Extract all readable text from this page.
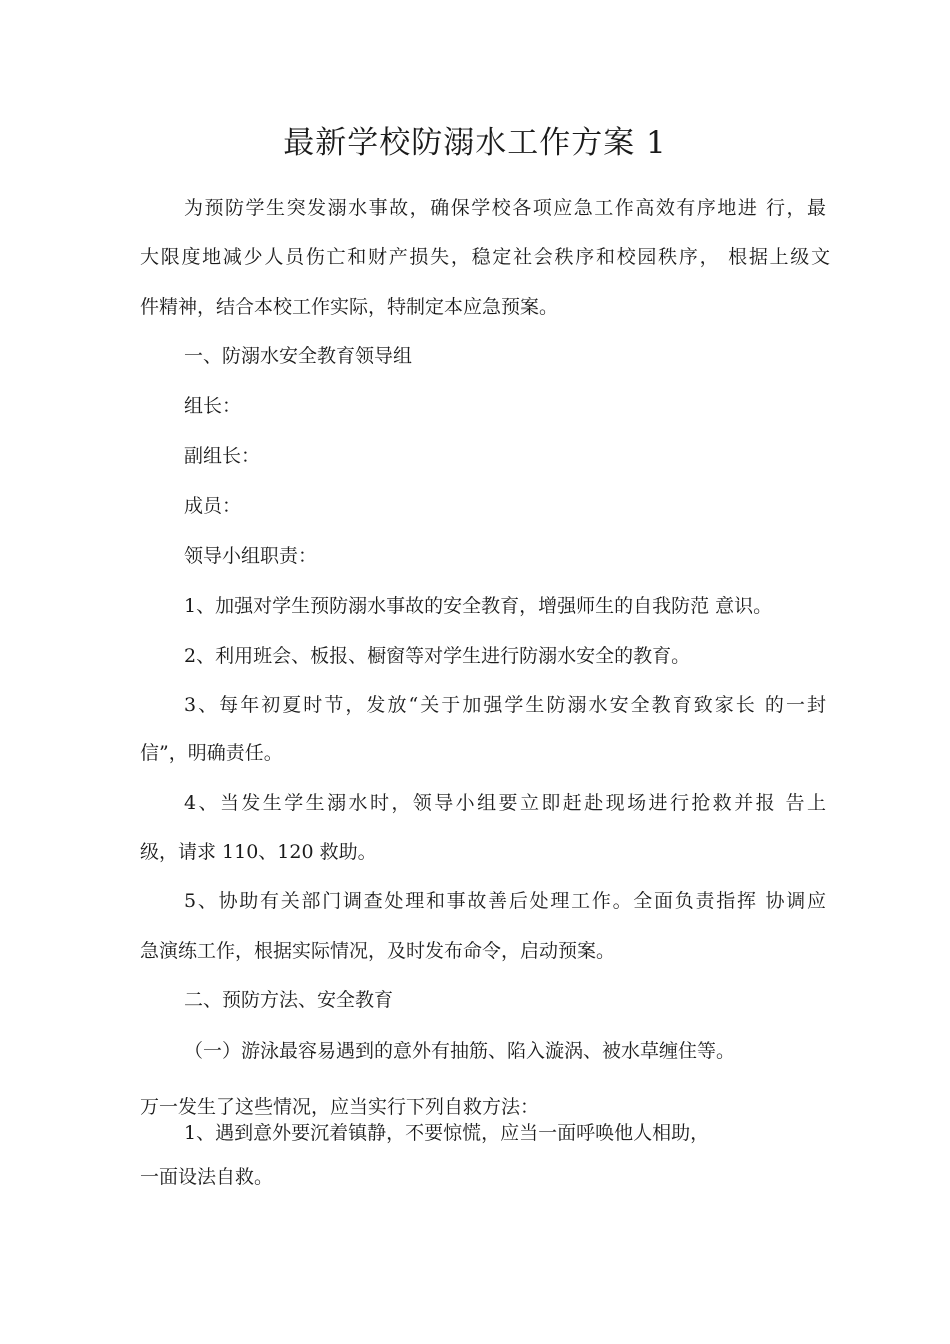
最新学校防溺水工作方案 1
为预防学生突发溺水事故，确保学校各项应急工作高效有序地进 行，最
大限度地减少人员伤亡和财产损失，稳定社会秩序和校园秩序， 根据上级文
件精神，结合本校工作实际，特制定本应急预案。
一、防溺水安全教育领导组
组长：
副组长：
成员：
领导小组职责：
1、加强对学生预防溺水事故的安全教育，增强师生的自我防范 意识。
2、利用班会、板报、橱窗等对学生进行防溺水安全的教育。
3、每年初夏时节，发放“关于加强学生防溺水安全教育致家长 的一封
信”，明确责任。
4、当发生学生溺水时，领导小组要立即赶赴现场进行抢救并报 告上
级，请求 110、120 救助。
5、协助有关部门调查处理和事故善后处理工作。全面负责指挥 协调应
急演练工作，根据实际情况，及时发布命令，启动预案。
二、预防方法、安全教育
（一）游泳最容易遇到的意外有抽筋、陷入漩涡、被水草缠住等。
万一发生了这些情况，应当实行下列自救方法：
1、遇到意外要沉着镇静，不要惊慌，应当一面呼唤他人相助，
一面设法自救。
